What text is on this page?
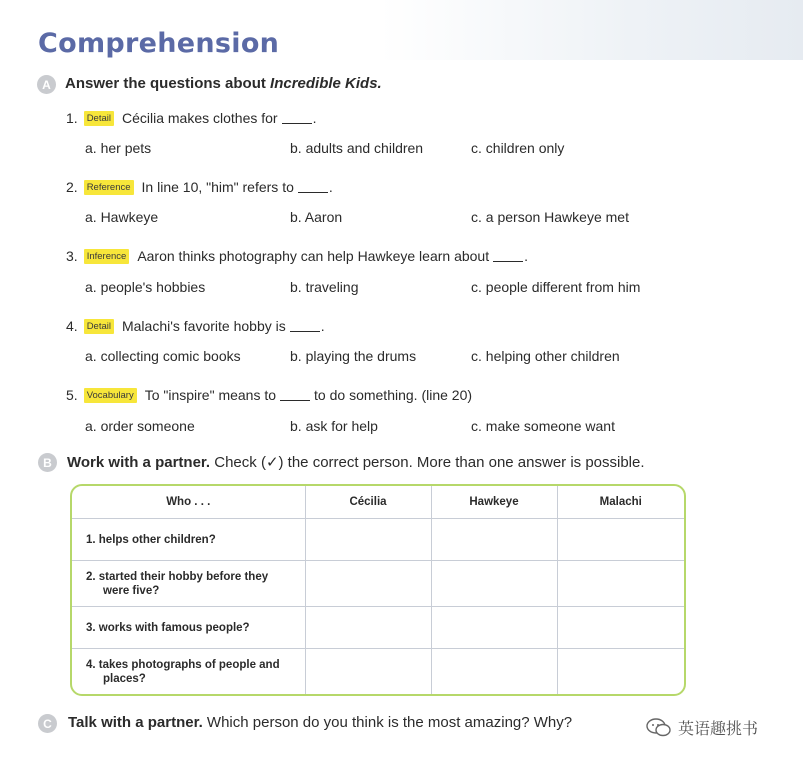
Comprehension
A Answer the questions about Incredible Kids.
1. Detail Cécilia makes clothes for	.
a. her pets	b. adults and children	c. children only
2. Reference In line 10, "him" refers to	.
a. Hawkeye	b. Aaron	c. a person Hawkeye met
3. Inference Aaron thinks photography can help Hawkeye learn about	.
a. people's hobbies	b. traveling	c. people different from him
4. Detail Malachi's favorite hobby is	.
a. collecting comic books	b. playing the drums	c. helping other children
5. Vocabulary To "inspire" means to	to do something. (line 20)
a. order someone	b. ask for help	c. make someone want
B	Work with a partner. Check (✓) the correct person. More than one answer is possible.
Who . . .	Cécilia	Hawkeye	Malachi
1. helps other children?			

2. started their hobby before they were five?			

3. works with famous people?			

4. takes photographs of people and places?			

C	Talk with a partner. Which person do you think is the most amazing? Why?	英语趣挑书
